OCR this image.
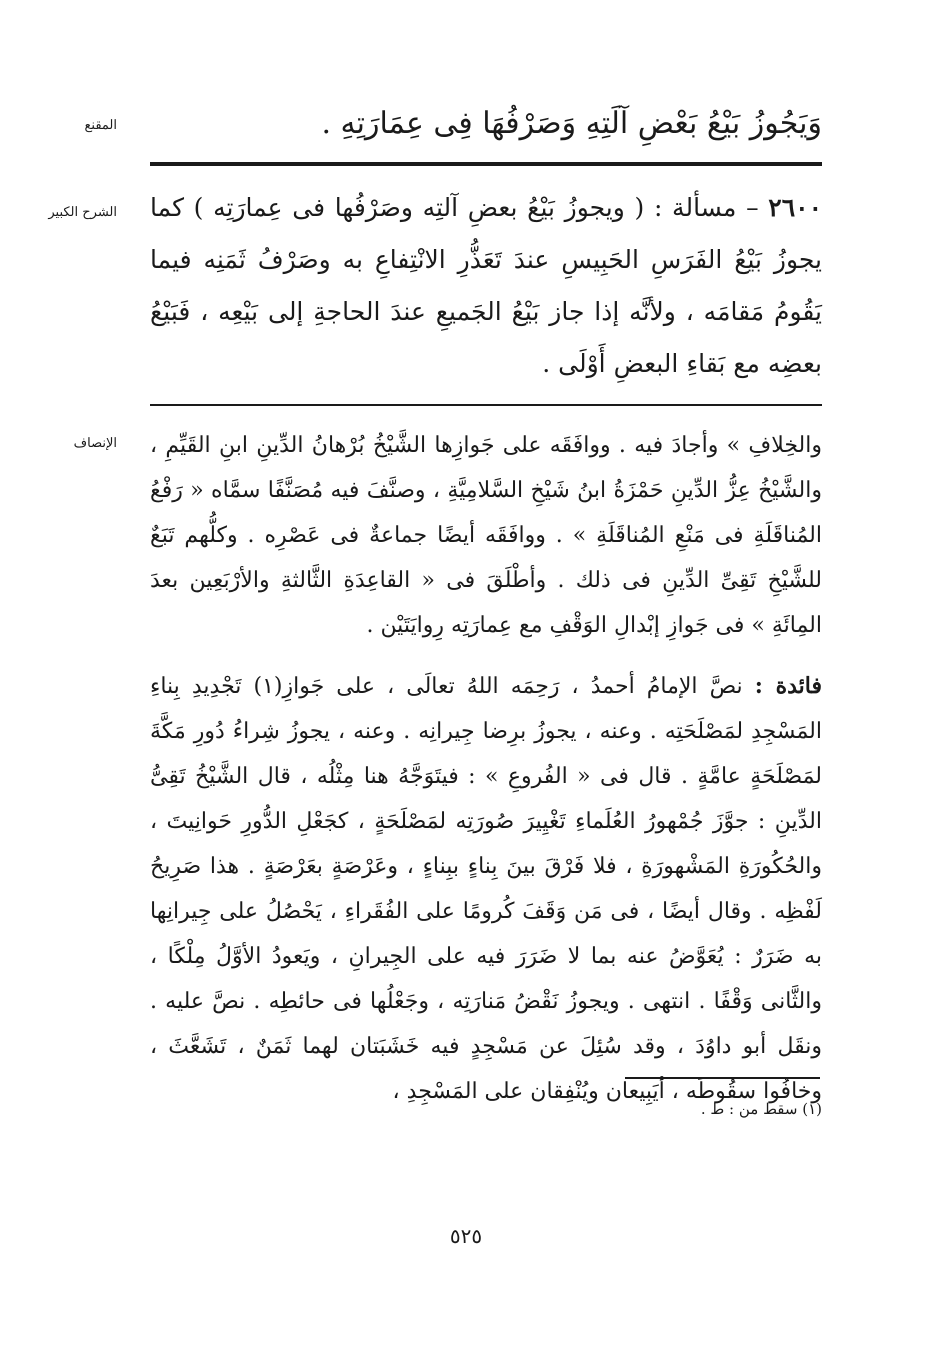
المقنع	وَيَجُوزُ بَيْعُ بَعْضِ آلَتِهِ وَصَرْفُهَا فِى عِمَارَتِهِ .
الشرح الكبير	٢٦٠٠ – مسألة : ( ويجوزُ بَيْعُ بعضِ آلتِه وصَرْفُها فى عِمارَتِه ) كما يجوزُ بَيْعُ الفَرَسِ الحَبِيسِ عندَ تَعَذُّرِ الانْتِفاعِ به وصَرْفُ ثَمَنِه فيما يَقُومُ مَقامَه ، ولأنَّه إذا جاز بَيْعُ الجَميعِ عندَ الحاجةِ إلى بَيْعِه ، فَبَيْعُ بعضِه مع بَقاءِ البعضِ أَوْلَى .
الإنصاف والخِلافِ » وأجادَ فيه . ووافَقَه على جَوازِها الشَّيْخُ بُرْهانُ الدِّينِ ابنِ القَيِّمِ ، والشَّيْخُ عِزُّ الدِّينِ حَمْزَةُ ابنُ شَيْخِ السَّلامِيَّةِ ، وصنَّفَ فيه مُصَنَّفًا سمَّاه « رَفْعُ المُناقَلَةِ فى مَنْعِ المُناقَلَةِ » . ووافَقَه أيضًا جماعةٌ فى عَصْرِه . وكلُّهم تَبَعٌ للشَّيْخِ تَقِىِّ الدِّينِ فى ذلك . وأطْلَقَ فى « القاعِدَةِ الثَّالثةِ والأرْبَعِين بعدَ المِائَةِ » فى جَوازِ إبْدالِ الوَقْفِ مع عِمارَتِه رِوايَتَيْن .

فائدة : نصَّ الإمامُ أحمدُ ، رَحِمَه اللهُ تعالَى ، على جَوازِ(١) تَجْدِيدِ بِناءِ المَسْجِدِ لمَصْلَحَتِه . وعنه ، يجوزُ برِضا جِيرانِه . وعنه ، يجوزُ شِراءُ دُورِ مَكَّةَ لمَصْلَحَةٍ عامَّةٍ . قال فى « الفُروعِ » : فيتَوَجَّهُ هنا مِثْلُه ، قال الشَّيْخُ تَقِىُّ الدِّينِ : جوَّزَ جُمْهورُ العُلَماءِ تَغْيِيرَ صُورَتِه لمَصْلَحَةٍ ، كجَعْلِ الدُّورِ حَوانِيتَ ، والحُكُورَةِ المَشْهورَةِ ، فلا فَرْقَ بينَ بِناءٍ ببِناءٍ ، وعَرْصَةٍ بعَرْصَةٍ . هذا صَرِيحُ لَفْظِه . وقال أيضًا ، فى مَن وَقَفَ كُرومًا على الفُقَراءِ ، يَحْصُلُ على جِيرانِها به ضَرَرٌ : يُعَوَّضُ عنه بما لا ضَرَرَ فيه على الجِيرانِ ، ويَعودُ الأوَّلُ مِلْكًا ، والثَّانى وَقْفًا . انتهى . ويجوزُ نَقْضُ مَنارَتِه ، وجَعْلُها فى حائطِه . نصَّ عليه . ونقَل أبو داوُدَ ، وقد سُئِلَ عن مَسْجِدٍ فيه خَشَبَتان لهما ثَمَنٌ ، تَشَعَّثَ ، وخافُوا سقُوطَه ، أيَبِيعان ويُنْفِقان على المَسْجِدِ ،

(١) سقط من : ط .
٥٢٥
